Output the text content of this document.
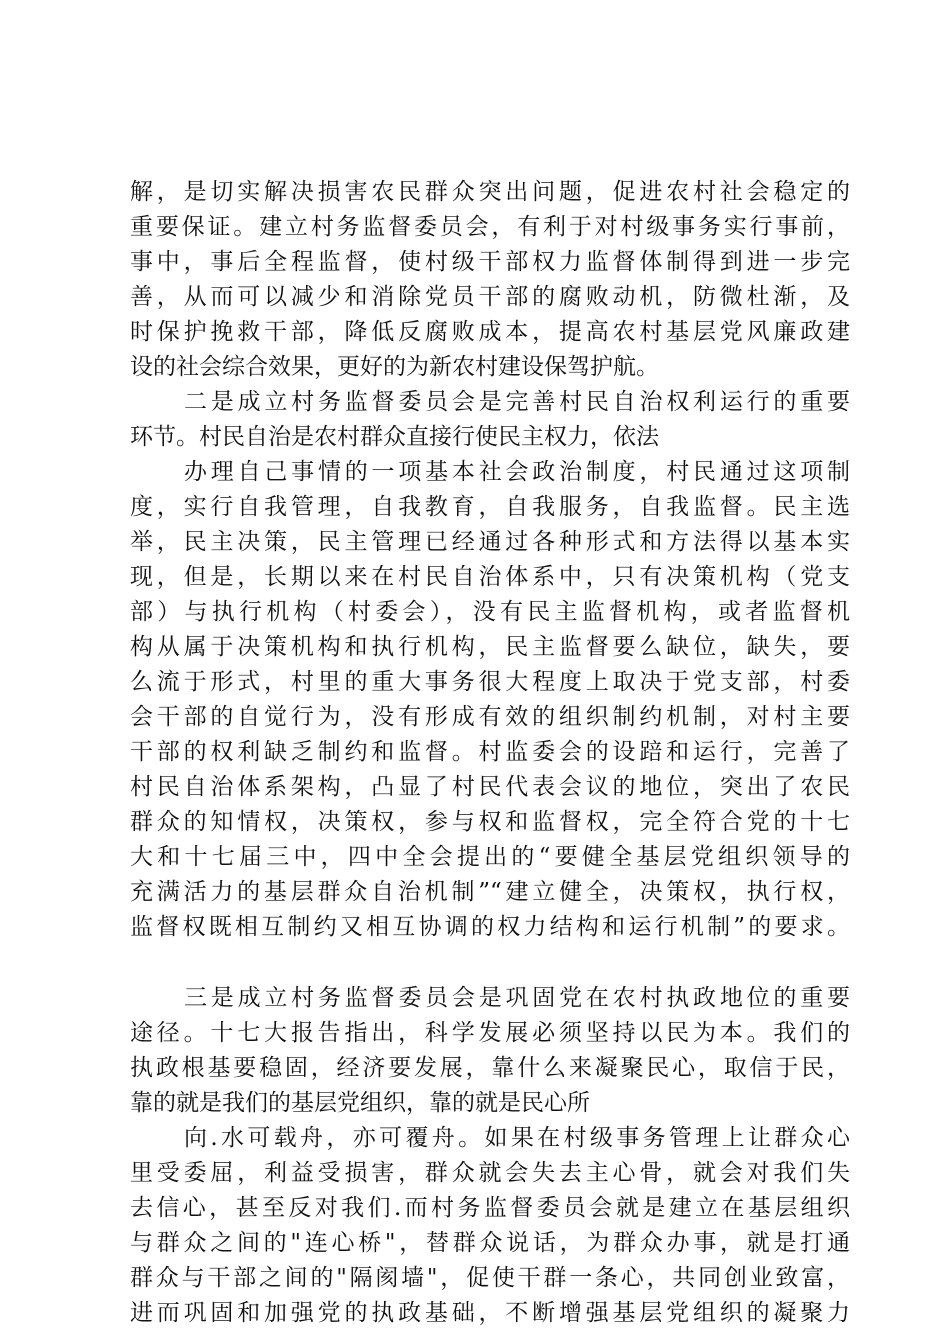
解，是切实解决损害农民群众突出问题，促进农村社会稳定的
重要保证。建立村务监督委员会，有利于对村级事务实行事前，
事中，事后全程监督，使村级干部权力监督体制得到进一步完
善，从而可以减少和消除党员干部的腐败动机，防微杜渐，及
时保护挽救干部，降低反腐败成本，提高农村基层党风廉政建
设的社会综合效果，更好的为新农村建设保驾护航。
二是成立村务监督委员会是完善村民自治权利运行的重要
环节。村民自治是农村群众直接行使民主权力，依法
办理自己事情的一项基本社会政治制度，村民通过这项制
度，实行自我管理，自我教育，自我服务，自我监督。民主选
举，民主决策，民主管理已经通过各种形式和方法得以基本实
现，但是，长期以来在村民自治体系中，只有决策机构（党支
部）与执行机构（村委会），没有民主监督机构，或者监督机
构从属于决策机构和执行机构，民主监督要么缺位，缺失，要
么流于形式，村里的重大事务很大程度上取决于党支部，村委
会干部的自觉行为，没有形成有效的组织制约机制，对村主要
干部的权利缺乏制约和监督。村监委会的设踣和运行，完善了
村民自治体系架构，凸显了村民代表会议的地位，突出了农民
群众的知情权，决策权，参与权和监督权，完全符合党的十七
大和十七届三中，四中全会提出的“要健全基层党组织领导的
充满活力的基层群众自治机制”“建立健全，决策权，执行权，
监督权既相互制约又相互协调的权力结构和运行机制”的要求。
三是成立村务监督委员会是巩固党在农村执政地位的重要
途径。十七大报告指出，科学发展必须坚持以民为本。我们的
执政根基要稳固，经济要发展，靠什么来凝聚民心，取信于民，
靠的就是我们的基层党组织，靠的就是民心所
向.水可载舟，亦可覆舟。如果在村级事务管理上让群众心
里受委屈，利益受损害，群众就会失去主心骨，就会对我们失
去信心，甚至反对我们.而村务监督委员会就是建立在基层组织
与群众之间的"连心桥"，替群众说话，为群众办事，就是打通
群众与干部之间的"隔阂墙"，促使干群一条心，共同创业致富，
进而巩固和加强党的执政基础，不断增强基层党组织的凝聚力
